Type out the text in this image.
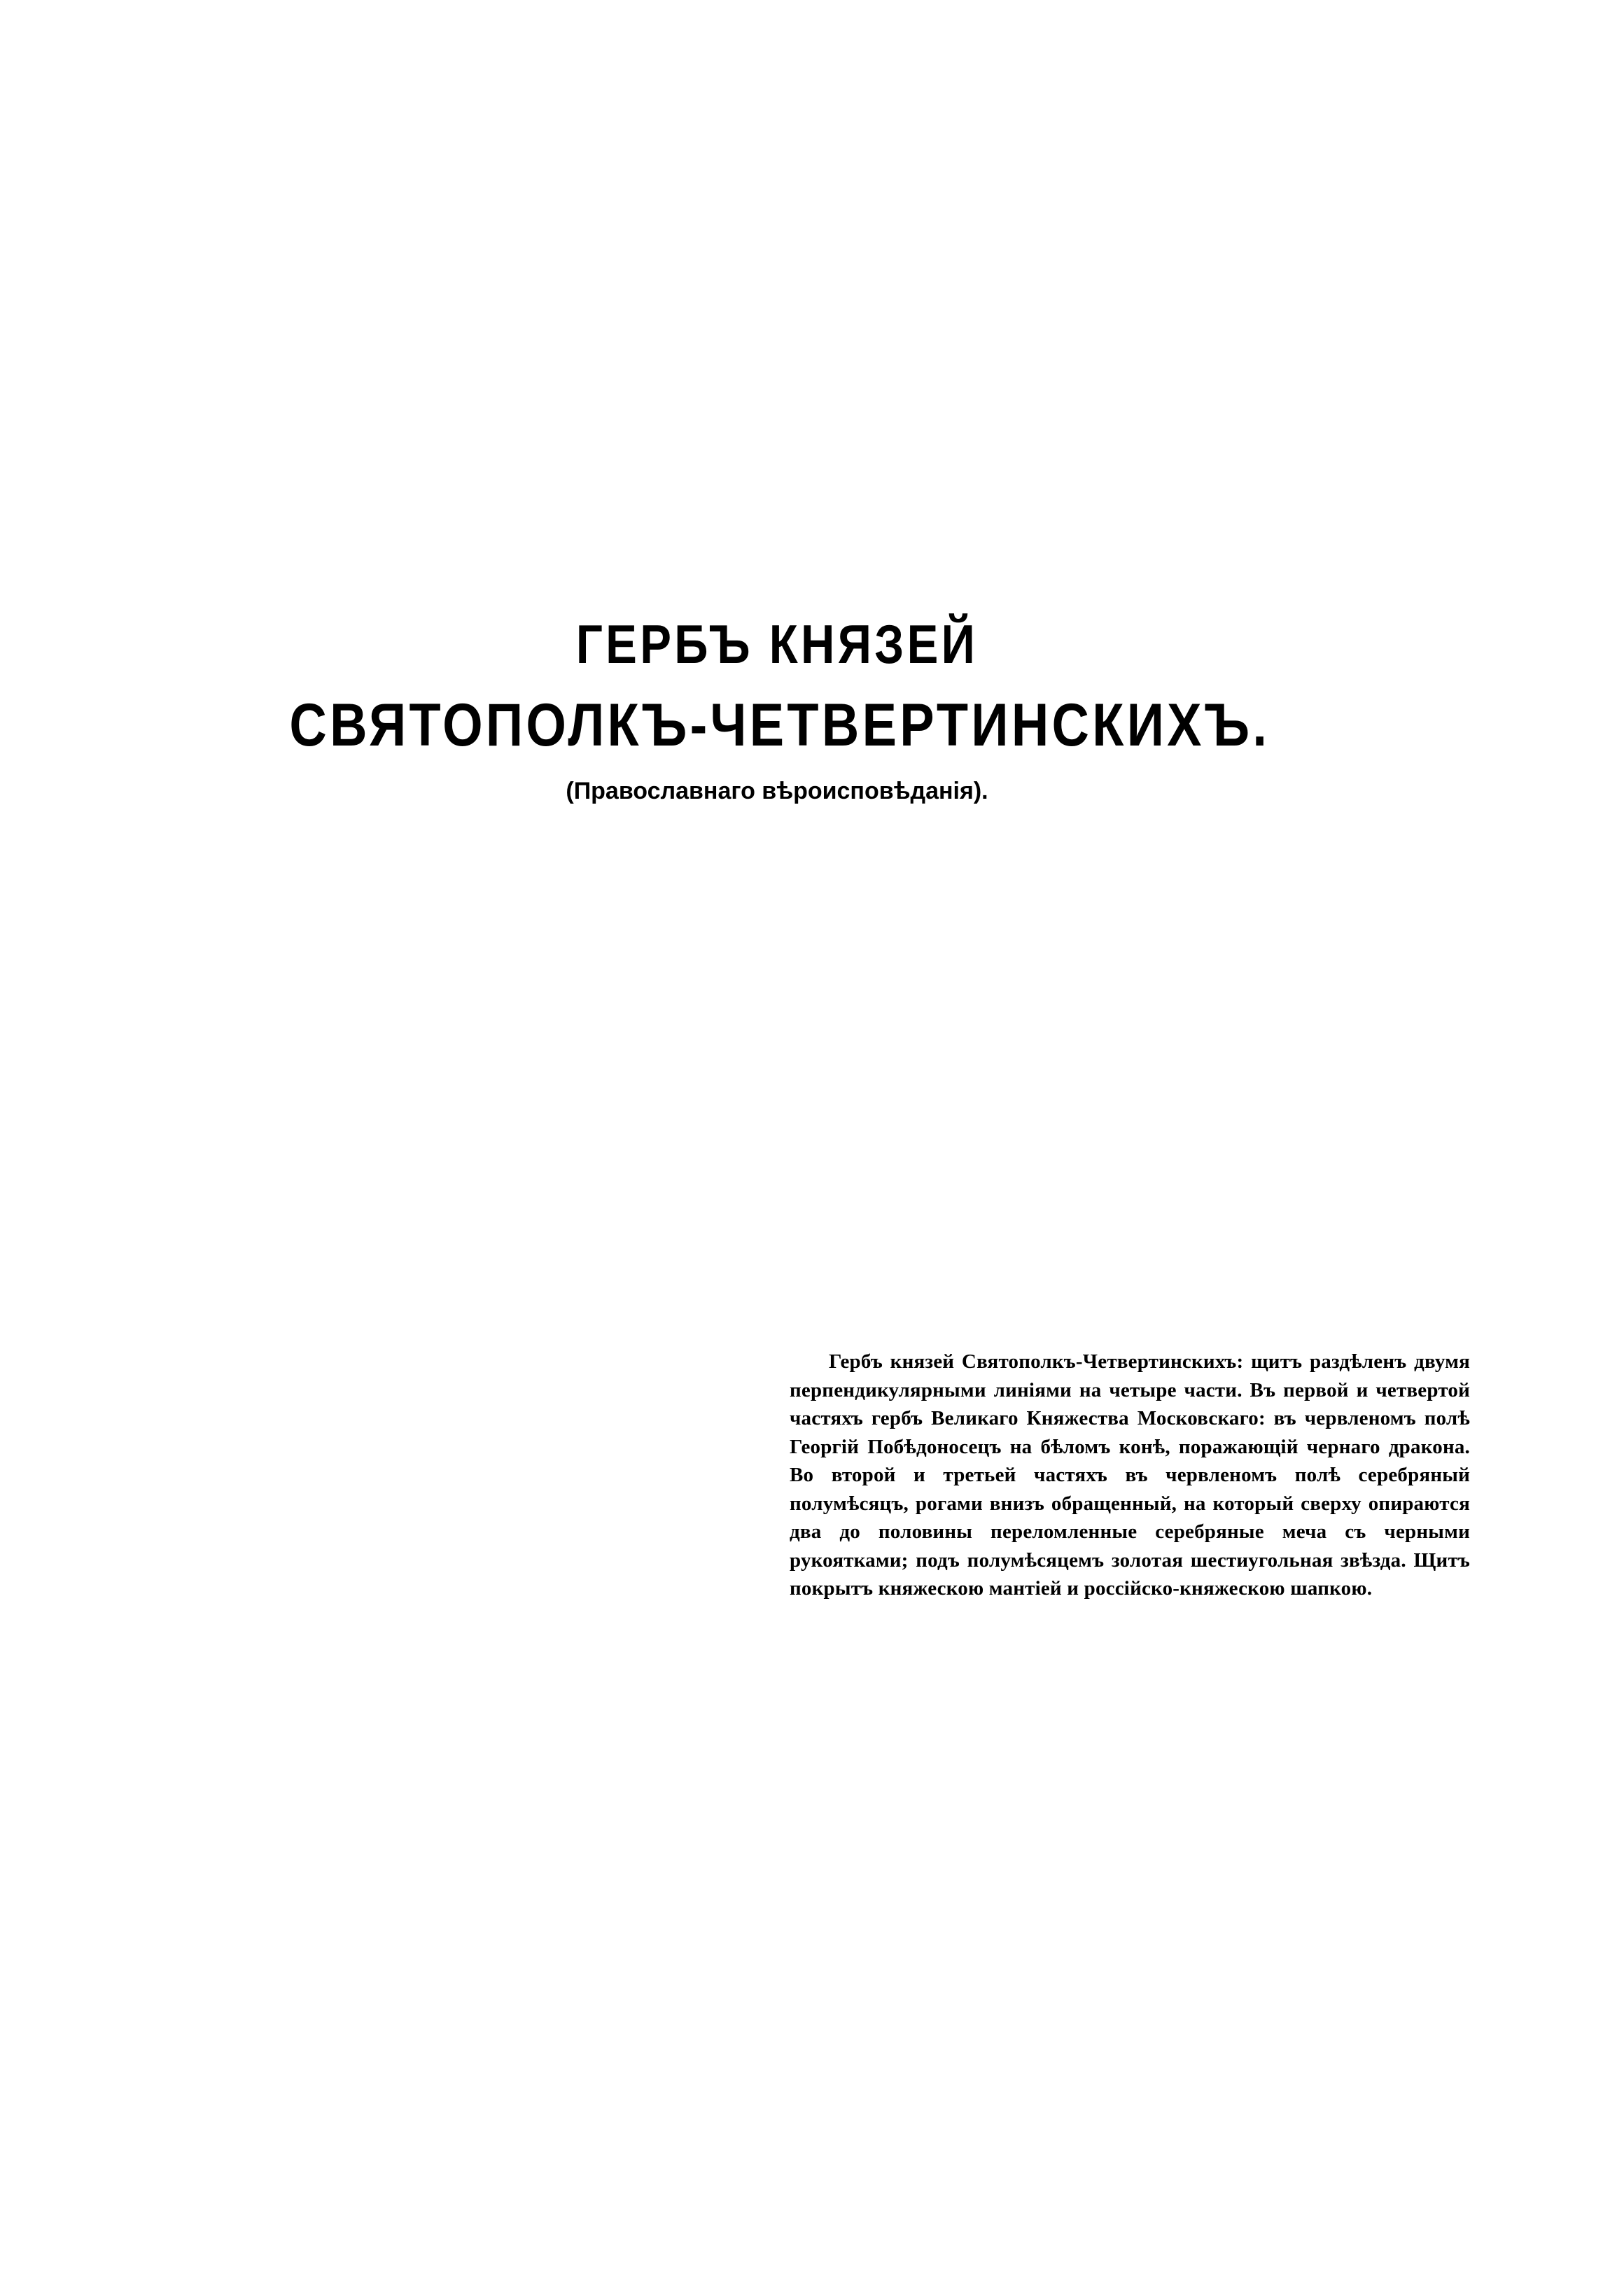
ГЕРБЪ КНЯЗЕЙ
СВЯТОПОЛКЪ-ЧЕТВЕРТИНСКИХЪ.
(Православнаго вѣроисповѣданія).

Гербъ князей Святополкъ-Четвертинскихъ: щитъ раздѣленъ двумя перпендикулярными линіями на четыре части. Въ первой и четвертой частяхъ гербъ Великаго Княжества Московскаго: въ червленомъ полѣ Георгій Побѣдоносецъ на бѣломъ конѣ, поражающій чернаго дракона. Во второй и третьей частяхъ въ червленомъ полѣ серебряный полумѣсяцъ, рогами внизъ обращенный, на который сверху опираются два до половины переломленные серебряные меча съ черными рукоятками; подъ полумѣсяцемъ золотая шестиугольная звѣзда. Щитъ покрытъ княжескою мантіей и россійско-княжескою шапкою.
